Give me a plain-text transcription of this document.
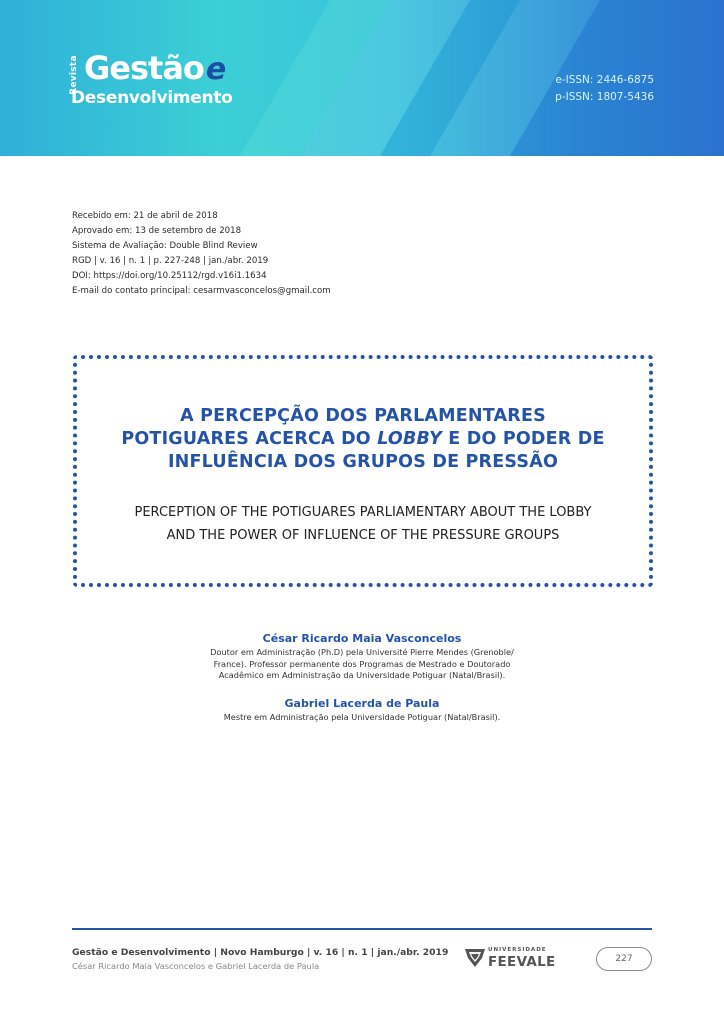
Revista Gestãoe
Desenvolvimento
e-ISSN: 2446-6875
p-ISSN: 1807-5436
Recebido em: 21 de abril de 2018
Aprovado em: 13 de setembro de 2018
Sistema de Avaliação: Double Blind Review
RGD | v. 16 | n. 1 | p. 227-248 | jan./abr. 2019
DOI: https://doi.org/10.25112/rgd.v16i1.1634
E-mail do contato principal: cesarmvasconcelos@gmail.com
A PERCEPÇÃO DOS PARLAMENTARES
POTIGUARES ACERCA DO LOBBY E DO PODER DE
INFLUÊNCIA DOS GRUPOS DE PRESSÃO
PERCEPTION OF THE POTIGUARES PARLIAMENTARY ABOUT THE LOBBY
AND THE POWER OF INFLUENCE OF THE PRESSURE GROUPS
César Ricardo Maia Vasconcelos
Doutor em Administração (Ph.D) pela Université Pierre Mendes (Grenoble/
France). Professor permanente dos Programas de Mestrado e Doutorado
Acadêmico em Administração da Universidade Potiguar (Natal/Brasil).
Gabriel Lacerda de Paula
Mestre em Administração pela Universidade Potiguar (Natal/Brasil).
Gestão e Desenvolvimento | Novo Hamburgo | v. 16 | n. 1 | jan./abr. 2019
César Ricardo Maia Vasconcelos e Gabriel Lacerda de Paula
UNIVERSIDADE
FEEVALE	227
